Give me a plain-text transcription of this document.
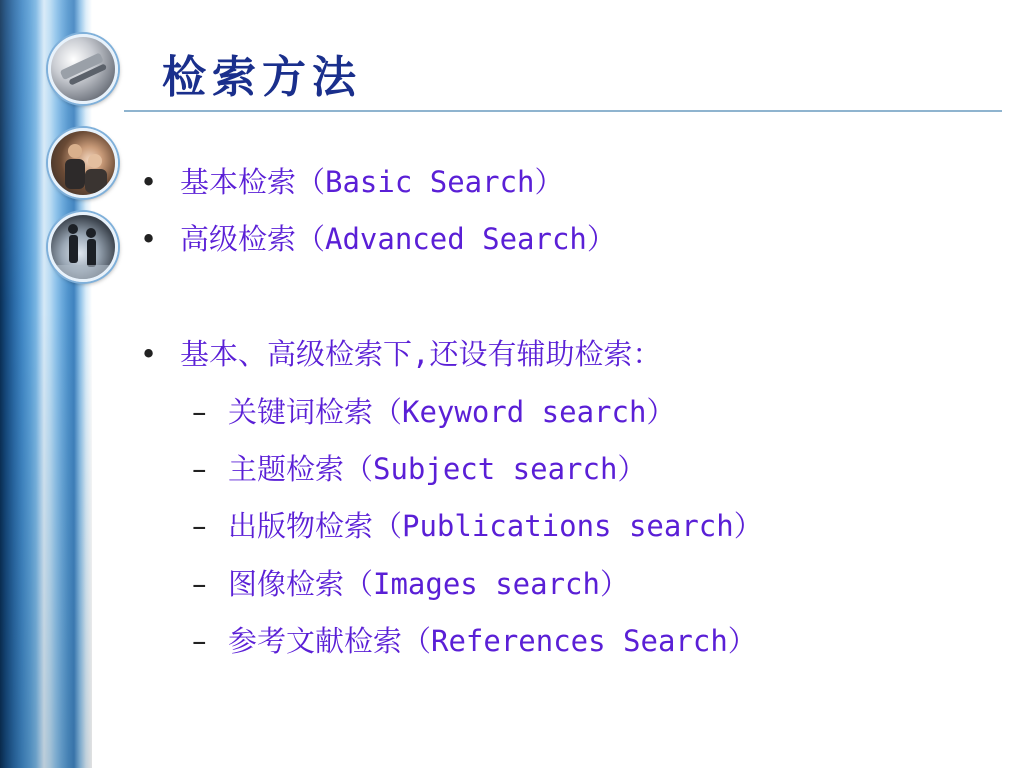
检索方法
• 基本检索（Basic Search）
• 高级检索（Advanced Search）
• 基本、高级检索下,还设有辅助检索：
– 关键词检索（Keyword search）
– 主题检索（Subject search）
– 出版物检索（Publications search）
– 图像检索（Images search）
– 参考文献检索（References Search）
